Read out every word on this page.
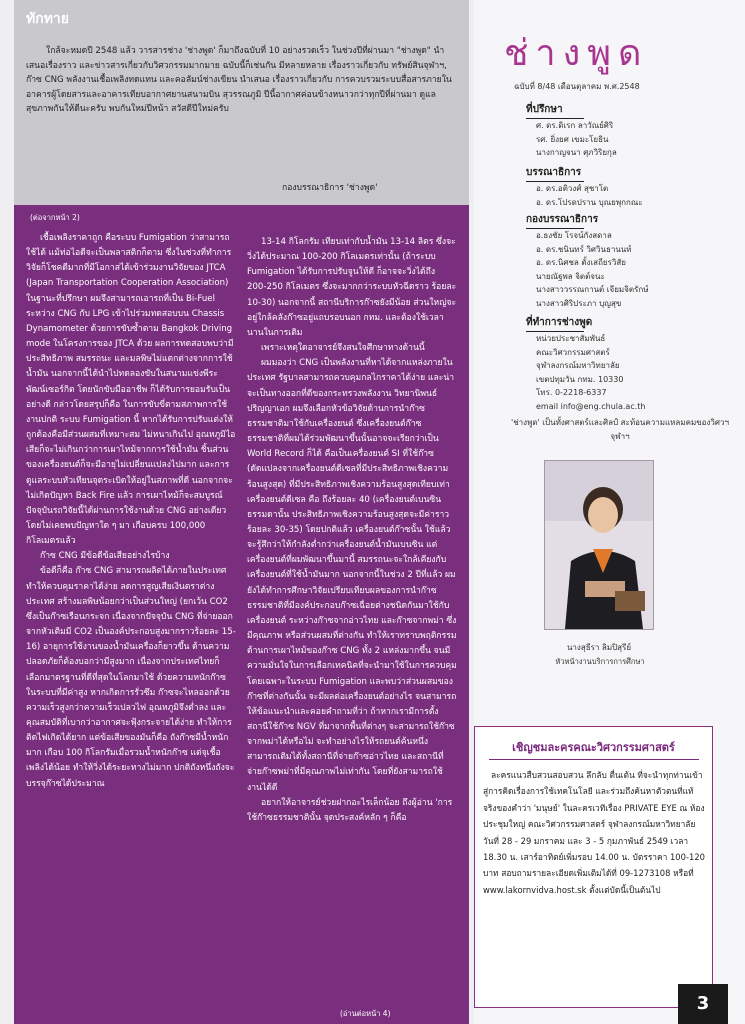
ทักทาย
ใกล้จะหมดปี 2548 แล้ว วารสารช่าง 'ช่างพูด' ก็มาถึงฉบับที่ 10 อย่างรวดเร็ว ในช่วงปีที่ผ่านมา "ช่างพูด" นำเสนอเรื่องราว และข่าวสารเกี่ยวกับวิศวกรรมมากมาย ฉบับนี้ก็เช่นกัน มีหลายหลาย เรื่องราวเกี่ยวกับ ทรัพย์สินจุฬาฯ, ก๊าซ CNG พลังงานเชื้อเพลิงทดแทน และคอลัมน์ช่างเขียน นำเสนอ เรื่องราวเกี่ยวกับ การควบรวมระบบสื่อสารภายในอาคารผู้โดยสารและอาคารเทียบอากาศยานสนามบิน สุวรรณภูมิ ปีนี้อากาศค่อนข้างหนาวกว่าทุกปีที่ผ่านมา ดูแลสุขภาพกันให้ดีนะครับ พบกันใหม่ปีหน้า สวัสดีปีใหม่ครับ
กองบรรณาธิการ 'ช่างพูด'
(ต่อจากหน้า 2)

เชื้อเพลิงราคาถูก คือระบบ Fumigation ว่าสามารถใช้ได้ แม้ท่อไอดีจะเป็นพลาสติกก็ตาม ซึ่งในช่วงที่ทำการวิจัยก็โชคดีมากที่มีโอกาสได้เข้าร่วมงานวิจัยของ JTCA (Japan Transportation Cooperation Association) ในฐานะที่ปรึกษา ผมจึงสามารถเอารถที่เป็น Bi-Fuel ระหว่าง CNG กับ LPG เข้าไปร่วมทดสอบบน Chassis Dynamometer ด้วยการขับซ้ำตาม Bangkok Driving mode ในโครงการของ JTCA ด้วย ผลการทดสอบพบว่ามีประสิทธิภาพ สมรรถนะ และมลพิษไม่แตกต่างจากการใช้น้ำมัน นอกจากนี้ได้นำไปทดลองขับในสนามแข่งพีระพัฒน์เซอร์กิต โดยนักขับมืออาชีพ ก็ได้รับการยอมรับเป็นอย่างดี กล่าวโดยสรุปก็คือ ในการขับขี่ตามสภาพการใช้งานปกติ ระบบ Fumigation นี้ หากได้รับการปรับแต่งให้ถูกต้องคือมีส่วนผสมที่เหมาะสม ไม่หนาเกินไป อุณหภูมิไอเสียก็จะไม่เกินกว่าการเผาไหม้จากการใช้น้ำมัน ชิ้นส่วนของเครื่องยนต์ก็จะมีอายุไม่เปลี่ยนแปลงไปมาก และการดูแลระบบหัวเทียนจุดระเบิดให้อยู่ในสภาพที่ดี นอกจากจะไม่เกิดปัญหา Back Fire แล้ว การเผาไหม้ก็จะสมบูรณ์ ปัจจุบันรถวิจัยนี้ได้ผ่านการใช้งานด้วย CNG อย่างเดียว โดยไม่เคยพบปัญหาใด ๆ มา เกือบครบ 100,000 กิโลเมตรแล้ว

ก๊าซ CNG มีข้อดีข้อเสียอย่างไรบ้าง

ข้อดีก็คือ ก๊าซ CNG สามารถผลิตได้ภายในประเทศ ทำให้ควบคุมราคาได้ง่าย ลดการสูญเสียเงินตราต่างประเทศ สร้างมลพิษน้อยกว่าเป็นส่วนใหญ่ (ยกเว้น CO2 ซึ่งเป็นก๊าซเรือนกระจก เนื่องจากปัจจุบัน CNG ที่จ่ายออกจากหัวเติมมี CO2 เป็นองค์ประกอบสูงมากราวร้อยละ 15-16) อายุการใช้งานของน้ำมันเครื่องก็ยาวขึ้น ด้านความปลอดภัยก็ต้องบอกว่ามีสูงมาก เนื่องจากประเทศไทยก็เลือกมาตรฐานที่ดีที่สุดในโลกมาใช้ ด้วยความหนักก๊าซในระบบที่มีค่าสูง หากเกิดการรั่วซึม ก๊าซจะไหลออกด้วยความเร็วสูงกว่าความเร็วเปลวไฟ อุณหภูมิจึงต่ำลง และคุณสมบัติที่เบากว่าอากาศจะฟุ้งกระจายได้ง่าย ทำให้การติดไฟเกิดได้ยาก แต่ข้อเสียของมันก็คือ ถังก๊าซมีน้ำหนักมาก เกือบ 100 กิโลกรัมเมื่อรวมน้ำหนักก๊าซ แต่จุเชื้อเพลิงได้น้อย ทำให้วิ่งได้ระยะทางไม่มาก ปกติถังหนึ่งถังจะบรรจุก๊าซได้ประมาณ

13-14 กิโลกรัม เทียบเท่ากับน้ำมัน 13-14 ลิตร ซึ่งจะวิ่งได้ประมาณ 100-200 กิโลเมตรเท่านั้น (ถ้าระบบ Fumigation ได้รับการปรับจูนให้ดี ก็อาจจะวิ่งได้ถึง 200-250 กิโลเมตร ซึ่งจะมากกว่าระบบหัวฉีดราว ร้อยละ 10-30) นอกจากนี้ สถานีบริการก๊าซยังมีน้อย ส่วนใหญ่จะอยู่ใกล้คลังก๊าซอยู่แถบรอบนอก กทม. และต้องใช้เวลานานในการเติม

เพราะเหตุใดอาจารย์จึงสนใจศึกษาทางด้านนี้

ผมมองว่า CNG เป็นพลังงานที่หาได้จากแหล่งภายในประเทศ รัฐบาลสามารถควบคุมกลไกราคาได้ง่าย และน่าจะเป็นทางออกที่ดีของกระทรวงพลังงาน วิทยานิพนธ์ปริญญาเอก ผมจึงเลือกหัวข้อวิจัยด้านการนำก๊าซธรรมชาติมาใช้กับเครื่องยนต์ ซึ่งเครื่องยนต์ก๊าซธรรมชาติที่ผมได้ร่วมพัฒนาขึ้นนั้นอาจจะเรียกว่าเป็น World Record ก็ได้ คือเป็นเครื่องยนต์ SI ที่ใช้ก๊าซ (ดัดแปลงจากเครื่องยนต์ดีเซลที่มีประสิทธิภาพเชิงความร้อนสูงสุด) ที่มีประสิทธิภาพเชิงความร้อนสูงสุดเทียบเท่าเครื่องยนต์ดีเซล คือ ถึงร้อยละ 40 (เครื่องยนต์เบนซินธรรมดานั้น ประสิทธิภาพเชิงความร้อนสูงสุดจะมีค่าราวร้อยละ 30-35) โดยปกติแล้ว เครื่องยนต์ก๊าซนั้น ใช้แล้วจะรู้สึกว่าให้กำลังต่ำกว่าเครื่องยนต์น้ำมันเบนซิน แต่เครื่องยนต์ที่ผมพัฒนาขึ้นมานี้ สมรรถนะจะใกล้เคียงกับเครื่องยนต์ที่ใช้น้ำมันมาก นอกจากนี้ในช่วง 2 ปีที่แล้ว ผมยังได้ทำการศึกษาวิจัยเปรียบเทียบผลของการนำก๊าซธรรมชาติที่มีองค์ประกอบก๊าซเฉื่อยต่างชนิดกันมาใช้กับเครื่องยนต์ ระหว่างก๊าซจากอ่าวไทย และก๊าซจากพม่า ซึ่งมีคุณภาพ หรือส่วนผสมที่ต่างกัน ทำให้เราทราบพฤติกรรมด้านการเผาไหม้ของก๊าซ CNG ทั้ง 2 แหล่งมากขึ้น จนมีความมั่นใจในการเลือกเทคนิคที่จะนำมาใช้ในการควบคุม โดยเฉพาะในระบบ Fumigation และพบว่าส่วนผสมของก๊าซที่ต่างกันนั้น จะมีผลต่อเครื่องยนต์อย่างไร จนสามารถให้ข้อแนะนำและคอยคำถามที่ว่า ถ้าหากเรามีการตั้งสถานีใช้ก๊าซ NGV ที่มาจากพื้นที่ต่างๆ จะสามารถใช้ก๊าซจากพม่าได้หรือไม่ จะทำอย่างไรให้รถยนต์ค้นหนึ่ง สามารถเติมได้ทั้งสถานีที่จ่ายก๊าซอ่าวไทย และสถานีที่จ่ายก๊าซพม่าที่มีคุณภาพไม่เท่ากัน โดยที่ยังสามารถใช้งานได้ดี

อยากให้อาจารย์ช่วยฝากอะไรเล็กน้อย ถึงผู้อ่าน 'การใช้ก๊าซธรรมชาตินั้น จุดประสงค์หลัก ๆ ก็คือ

(อ่านต่อหน้า 4)
ช่างพูด
ฉบับที่ 8/48 เดือนตุลาคม พ.ศ.2548
ที่ปรึกษา
ศ. ดร.ดิเรก ลาวัณย์ศิริ
รศ. ยิ่งยศ เขมะโยธิน
นางกาญจนา ศุภวิริยกุล
บรรณาธิการ
อ. ดร.อติวงศ์ สุชาโต
อ. ดร.โปรดปราน บุณยพุกกณะ
กองบรรณาธิการ
อ.ธงชัย โรจน์กังสดาล
อ. ดร.ชนินทร์ วิศวินธานนท์
อ. ดร.นิศชล ตั้งเสถียรวิสัย
นายณัฐพล จิตต์จนะ
นางสาววรรณกานต์ เจียมจิตรักษ์
นางสาวศิริประภา บุญสุข
ที่ทำการช่างพูด
หน่วยประชาสัมพันธ์
คณะวิศวกรรมศาสตร์
จุฬาลงกรณ์มหาวิทยาลัย
เขตปทุมวัน กทม. 10330
โทร. 0-2218-6337
email info@eng.chula.ac.th
'ช่างพูด' เป็นทั้งศาสตร์และศิลป์ สะท้อนความแหลมคมของวิศวฯ จุฬาฯ
นางสุธีรา ลิมปิสุรีย์
หัวหน้างานบริการการศึกษา
เชิญชมละครคณะวิศวกรรมศาสตร์
ละครแนวสืบสวนสอบสวน ลึกลับ ตื่นเต้น ที่จะนำทุกท่านเข้าสู่การคิดเรื่องการใช้เทคโนโลยี และร่วมถึงค้นหาตัวตนที่แท้จริงของคำว่า 'มนุษย์' ในละครเวทีเรื่อง PRIVATE EYE ณ ห้องประชุมใหญ่ คณะวิศวกรรมศาสตร์ จุฬาลงกรณ์มหาวิทยาลัย วันที่ 28 - 29 มกราคม และ 3 - 5 กุมภาพันธ์ 2549 เวลา 18.30 น. เสาร์อาทิตย์เพิ่มรอบ 14.00 น. บัตรราคา 100-120 บาท สอบถามรายละเอียดเพิ่มเติมได้ที่ 09-1273108 หรือที่ www.lakornvidva.host.sk ตั้งแต่บัดนี้เป็นต้นไป
3
